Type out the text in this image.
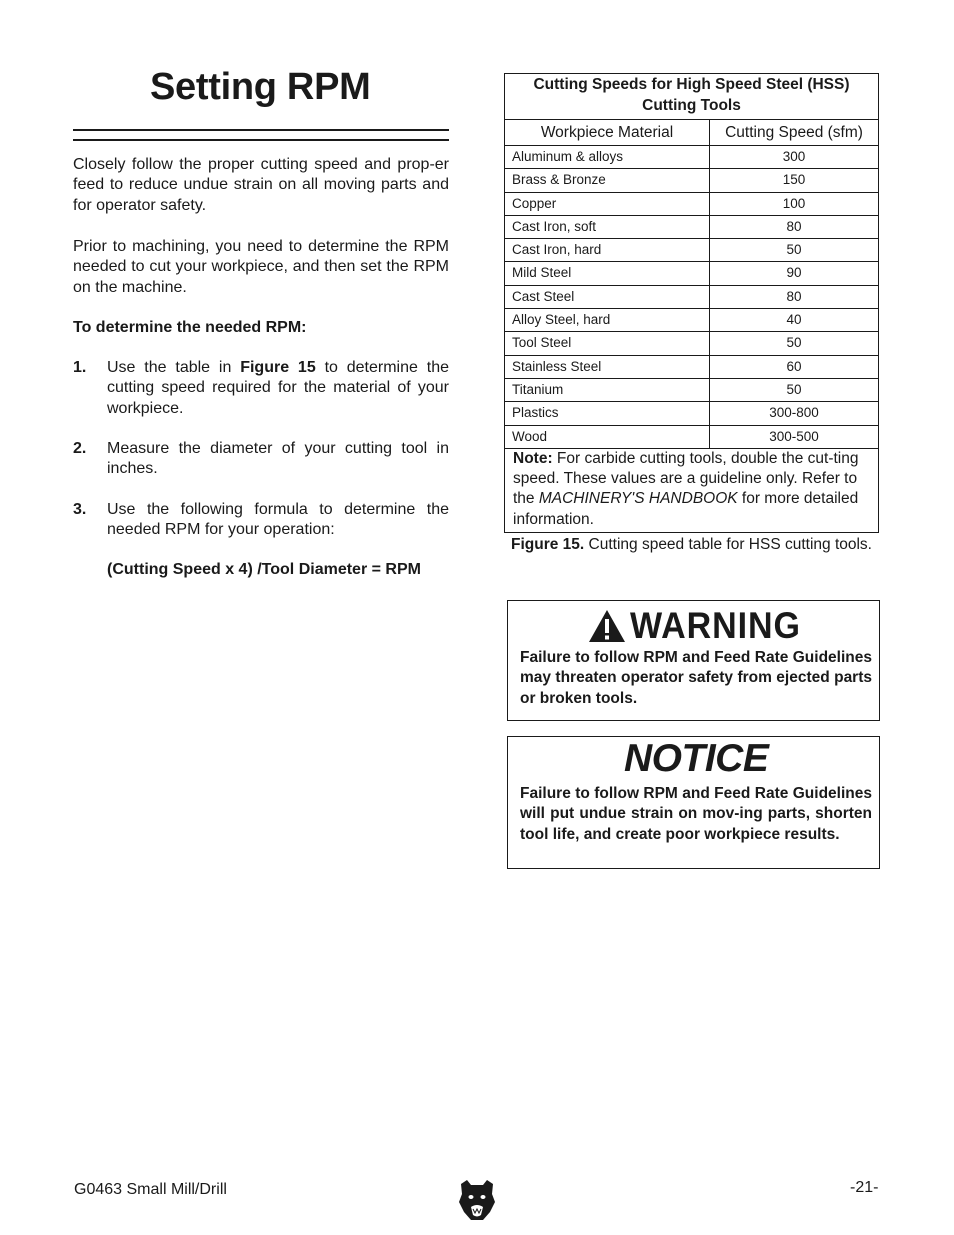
Setting RPM
Closely follow the proper cutting speed and prop-er feed to reduce undue strain on all moving parts and for operator safety.
Prior to machining, you need to determine the RPM needed to cut your workpiece, and then set the RPM on the machine.
To determine the needed RPM:
1. Use the table in Figure 15 to determine the cutting speed required for the material of your workpiece.
2. Measure the diameter of your cutting tool in inches.
3. Use the following formula to determine the needed RPM for your operation:
(Cutting Speed x 4) /Tool Diameter = RPM
Cutting Speeds for High Speed Steel (HSS)
Cutting Tools
Workpiece Material	Cutting Speed (sfm)
Aluminum & alloys	300
Brass & Bronze	150
Copper	100
Cast Iron, soft	80
Cast Iron, hard	50
Mild Steel	90
Cast Steel	80
Alloy Steel, hard	40
Tool Steel	50
Stainless Steel	60
Titanium	50
Plastics	300-800
Wood	300-500
Note: For carbide cutting tools, double the cut-ting speed. These values are a guideline only. Refer to the MACHINERY'S HANDBOOK for more detailed information.
Figure 15. Cutting speed table for HSS cutting tools.
WARNING
Failure to follow RPM and Feed Rate Guidelines may threaten operator safety from ejected parts or broken tools.
NOTICE
Failure to follow RPM and Feed Rate Guidelines will put undue strain on mov-ing parts, shorten tool life, and create poor workpiece results.
G0463 Small Mill/Drill	-21-
